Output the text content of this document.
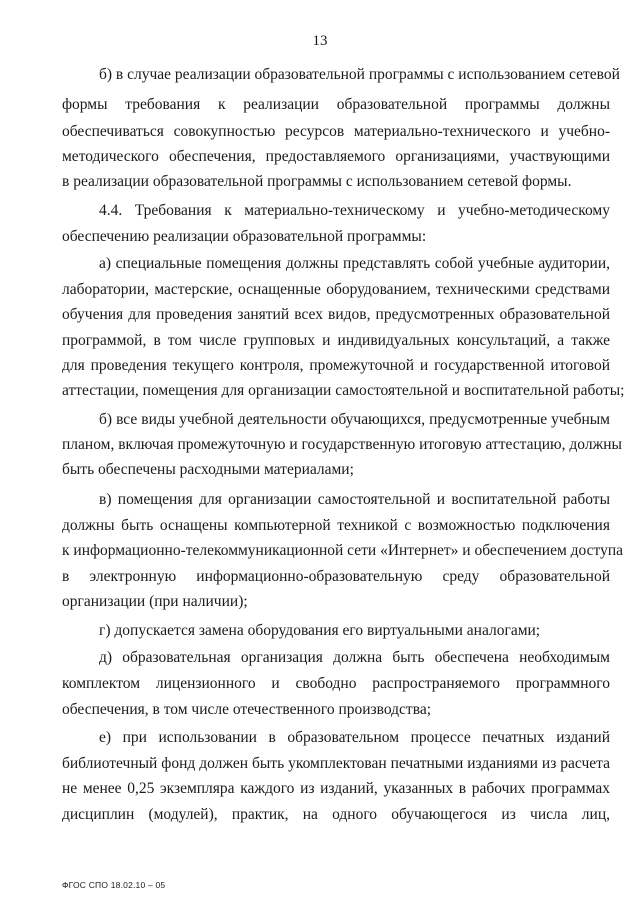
13
б) в случае реализации образовательной программы с использованием сетевой
формы требования к реализации образовательной программы должны
обеспечиваться совокупностью ресурсов материально-технического и учебно-
методического обеспечения, предоставляемого организациями, участвующими
в реализации образовательной программы с использованием сетевой формы.
4.4. Требования к материально-техническому и учебно-методическому
обеспечению реализации образовательной программы:
а) специальные помещения должны представлять собой учебные аудитории,
лаборатории, мастерские, оснащенные оборудованием, техническими средствами
обучения для проведения занятий всех видов, предусмотренных образовательной
программой, в том числе групповых и индивидуальных консультаций, а также
для проведения текущего контроля, промежуточной и государственной итоговой
аттестации, помещения для организации самостоятельной и воспитательной работы;
б) все виды учебной деятельности обучающихся, предусмотренные учебным
планом, включая промежуточную и государственную итоговую аттестацию, должны
быть обеспечены расходными материалами;
в) помещения для организации самостоятельной и воспитательной работы
должны быть оснащены компьютерной техникой с возможностью подключения
к информационно-телекоммуникационной сети «Интернет» и обеспечением доступа
в электронную информационно-образовательную среду образовательной
организации (при наличии);
г) допускается замена оборудования его виртуальными аналогами;
д) образовательная организация должна быть обеспечена необходимым
комплектом лицензионного и свободно распространяемого программного
обеспечения, в том числе отечественного производства;
е) при использовании в образовательном процессе печатных изданий
библиотечный фонд должен быть укомплектован печатными изданиями из расчета
не менее 0,25 экземпляра каждого из изданий, указанных в рабочих программах
дисциплин (модулей), практик, на одного обучающегося из числа лиц,
ФГОС СПО 18.02.10 – 05
